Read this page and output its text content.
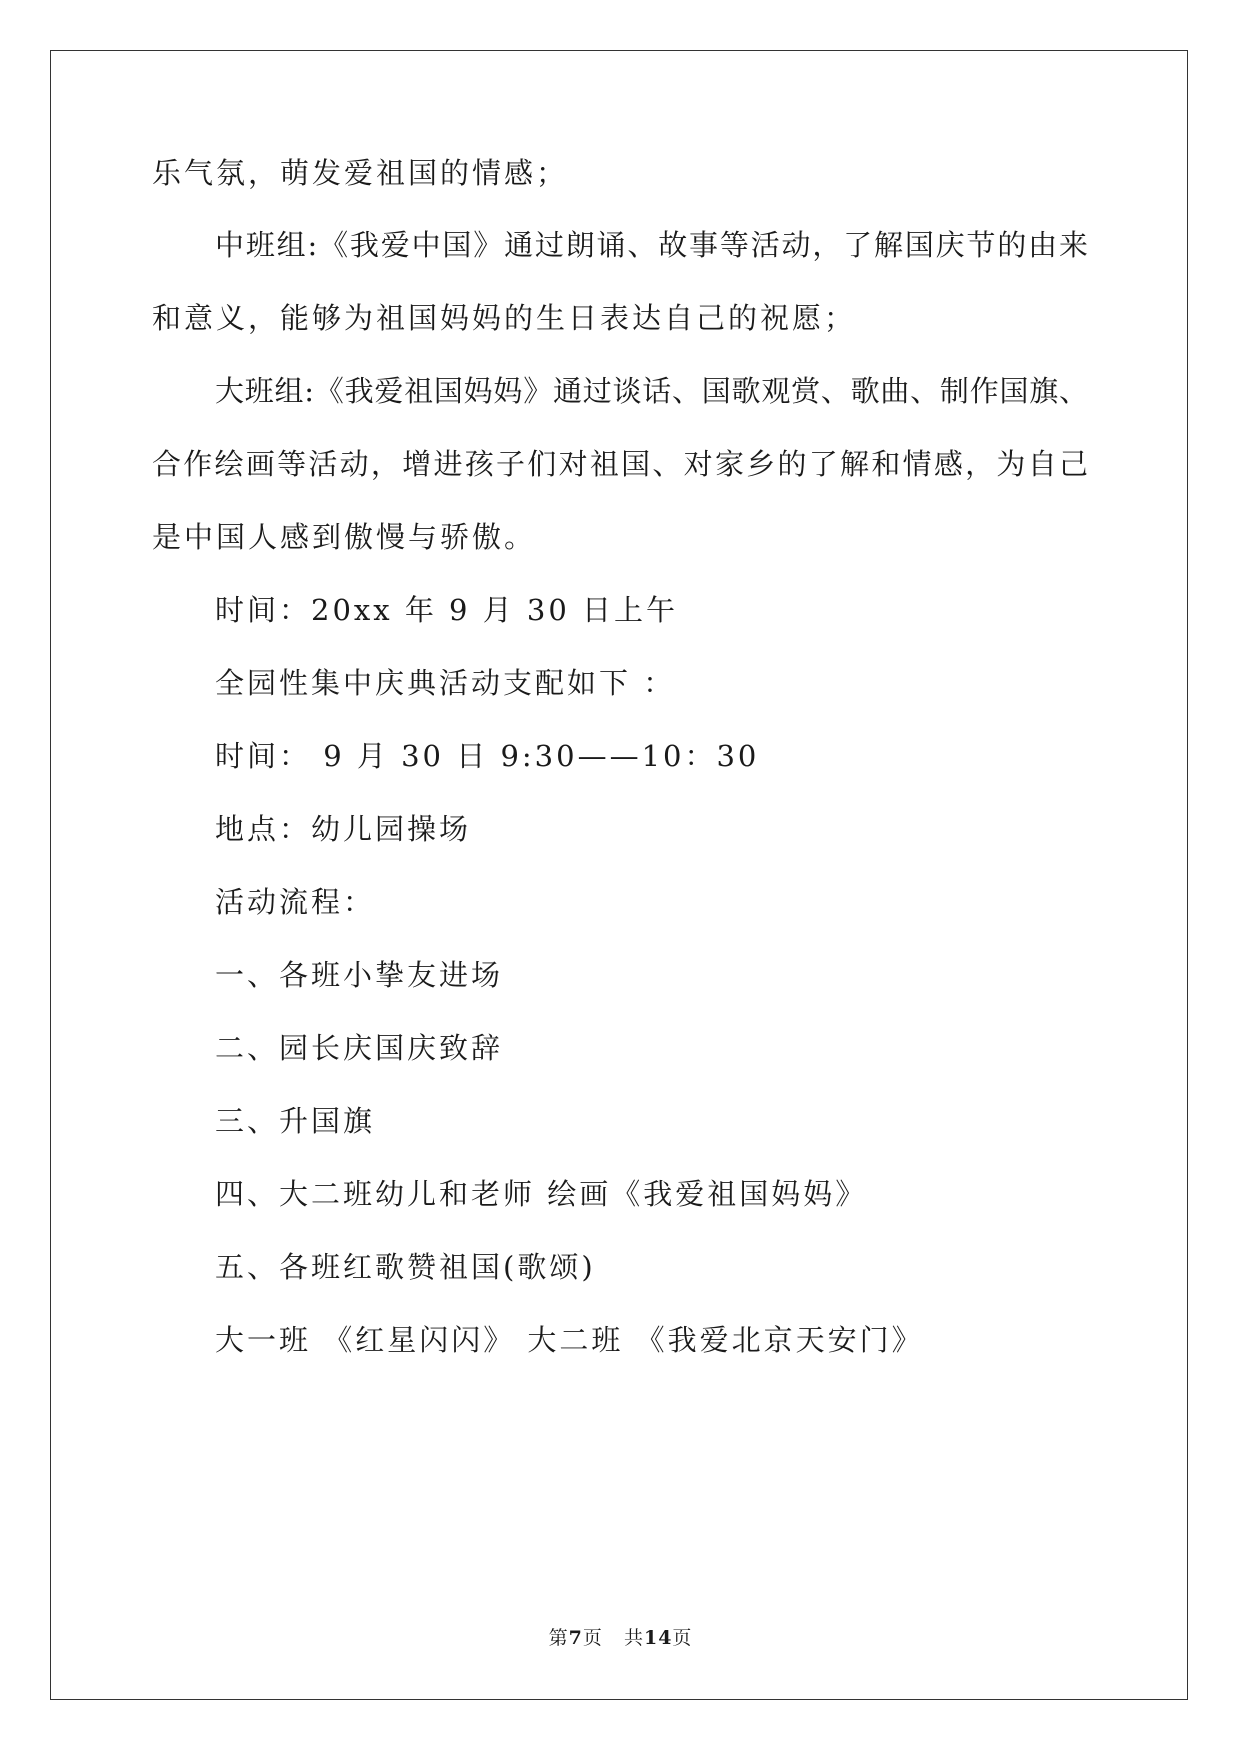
乐气氛，萌发爱祖国的情感；
中班组:《我爱中国》通过朗诵、故事等活动，了解国庆节的由来
和意义，能够为祖国妈妈的生日表达自己的祝愿；
大班组:《我爱祖国妈妈》通过谈话、国歌观赏、歌曲、制作国旗、
合作绘画等活动，增进孩子们对祖国、对家乡的了解和情感，为自己
是中国人感到傲慢与骄傲。
时间：20xx 年 9 月 30 日上午
全园性集中庆典活动支配如下 ：
时间： 9 月 30 日 9:30——10：30
地点：幼儿园操场
活动流程：
一、各班小挚友进场
二、园长庆国庆致辞
三、升国旗
四、大二班幼儿和老师 绘画《我爱祖国妈妈》
五、各班红歌赞祖国(歌颂)
大一班 《红星闪闪》 大二班 《我爱北京天安门》
第7页 共14页
